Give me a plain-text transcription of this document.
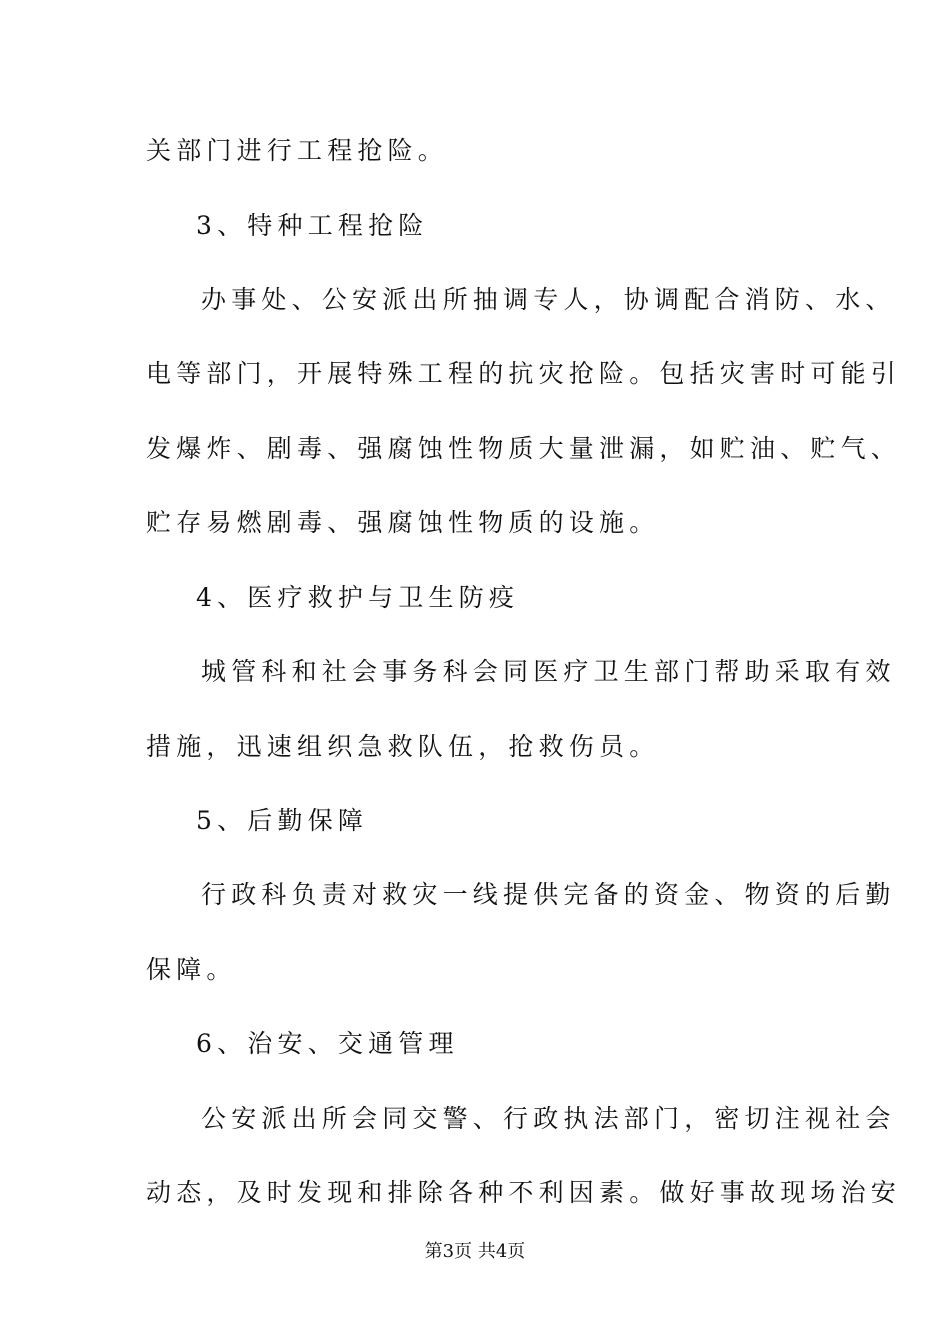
关部门进行工程抢险。
3、特种工程抢险
办事处、公安派出所抽调专人，协调配合消防、水、
电等部门，开展特殊工程的抗灾抢险。包括灾害时可能引
发爆炸、剧毒、强腐蚀性物质大量泄漏，如贮油、贮气、
贮存易燃剧毒、强腐蚀性物质的设施。
4、医疗救护与卫生防疫
城管科和社会事务科会同医疗卫生部门帮助采取有效
措施，迅速组织急救队伍，抢救伤员。
5、后勤保障
行政科负责对救灾一线提供完备的资金、物资的后勤
保障。
6、治安、交通管理
公安派出所会同交警、行政执法部门，密切注视社会
动态，及时发现和排除各种不利因素。做好事故现场治安
第3页 共4页
